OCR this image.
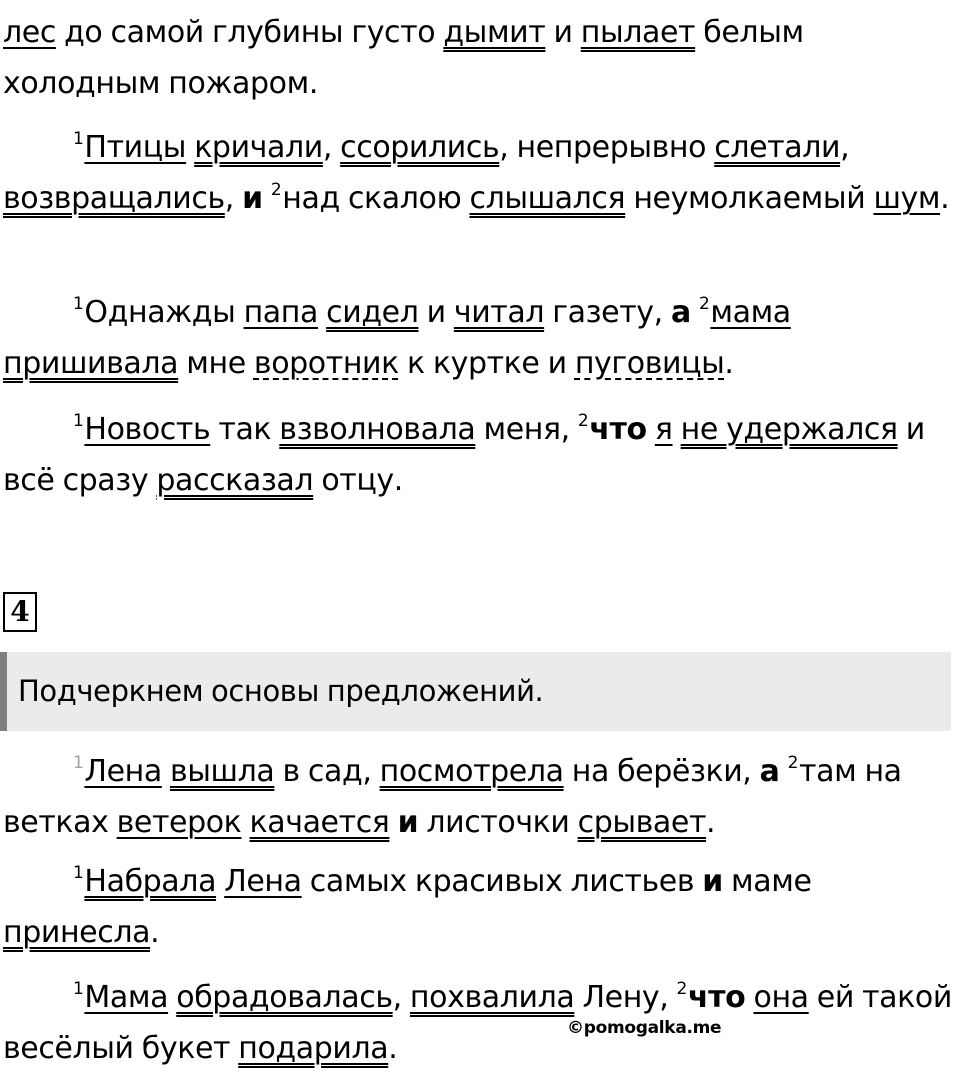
лес до самой глубины густо дымит и пылает белым холодным пожаром.

$^1$Птицы кричали, ссорились, непрерывно слетали, возвращались, и $^2$над скалою слышался неумолкаемый шум.

$^1$Однажды папа сидел и читал газету, а $^2$мама пришивала мне воротник к куртке и пуговицы.

$^1$Новость так взволновала меня, $^2$что я не удержался и всё сразу рассказал отцу.

4
Подчеркнем основы предложений.

$^1$Лена вышла в сад, посмотрела на берёзки, а $^2$там на ветках ветерок качается и листочки срывает.

$^1$Набрала Лена самых красивых листьев и маме принесла.

$^1$Мама обрадовалась, похвалила Лену, $^2$что она ей такой весёлый букет подарила.

©pomogalka.me
